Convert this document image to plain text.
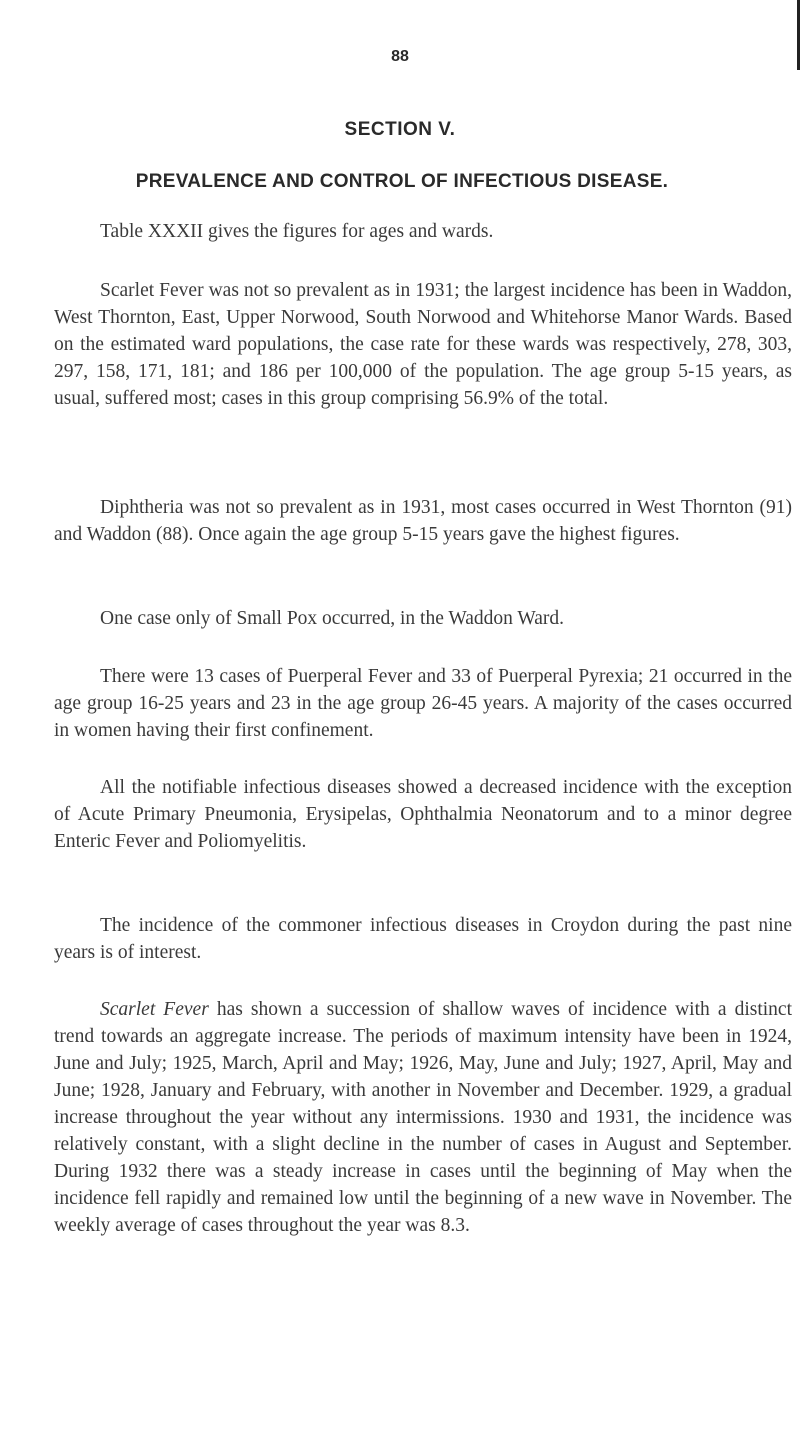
88
SECTION V.
PREVALENCE AND CONTROL OF INFECTIOUS DISEASE.

Table XXXII gives the figures for ages and wards.

Scarlet Fever was not so prevalent as in 1931; the largest incidence has been in Waddon, West Thornton, East, Upper Norwood, South Norwood and Whitehorse Manor Wards. Based on the estimated ward populations, the case rate for these wards was respectively, 278, 303, 297, 158, 171, 181; and 186 per 100,000 of the population. The age group 5-15 years, as usual, suffered most; cases in this group comprising 56.9% of the total.

Diphtheria was not so prevalent as in 1931, most cases occurred in West Thornton (91) and Waddon (88). Once again the age group 5-15 years gave the highest figures.

One case only of Small Pox occurred, in the Waddon Ward.

There were 13 cases of Puerperal Fever and 33 of Puerperal Pyrexia; 21 occurred in the age group 16-25 years and 23 in the age group 26-45 years. A majority of the cases occurred in women having their first confinement.

All the notifiable infectious diseases showed a decreased incidence with the exception of Acute Primary Pneumonia, Erysipelas, Ophthalmia Neonatorum and to a minor degree Enteric Fever and Poliomyelitis.

The incidence of the commoner infectious diseases in Croydon during the past nine years is of interest.

Scarlet Fever has shown a succession of shallow waves of incidence with a distinct trend towards an aggregate increase. The periods of maximum intensity have been in 1924, June and July; 1925, March, April and May; 1926, May, June and July; 1927, April, May and June; 1928, January and February, with another in November and December. 1929, a gradual increase throughout the year without any intermissions. 1930 and 1931, the incidence was relatively constant, with a slight decline in the number of cases in August and September. During 1932 there was a steady increase in cases until the beginning of May when the incidence fell rapidly and remained low until the beginning of a new wave in November. The weekly average of cases throughout the year was 8.3.
